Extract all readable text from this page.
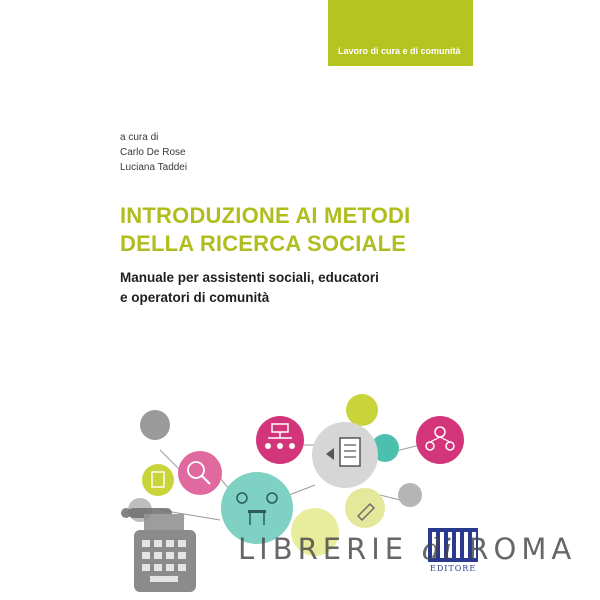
Lavoro di cura e di comunità
a cura di
Carlo De Rose
Luciana Taddei
INTRODUZIONE AI METODI
DELLA RICERCA SOCIALE
Manuale per assistenti sociali, educatori
e operatori di comunità
LIBRERIE di ROMA
EDITORE
